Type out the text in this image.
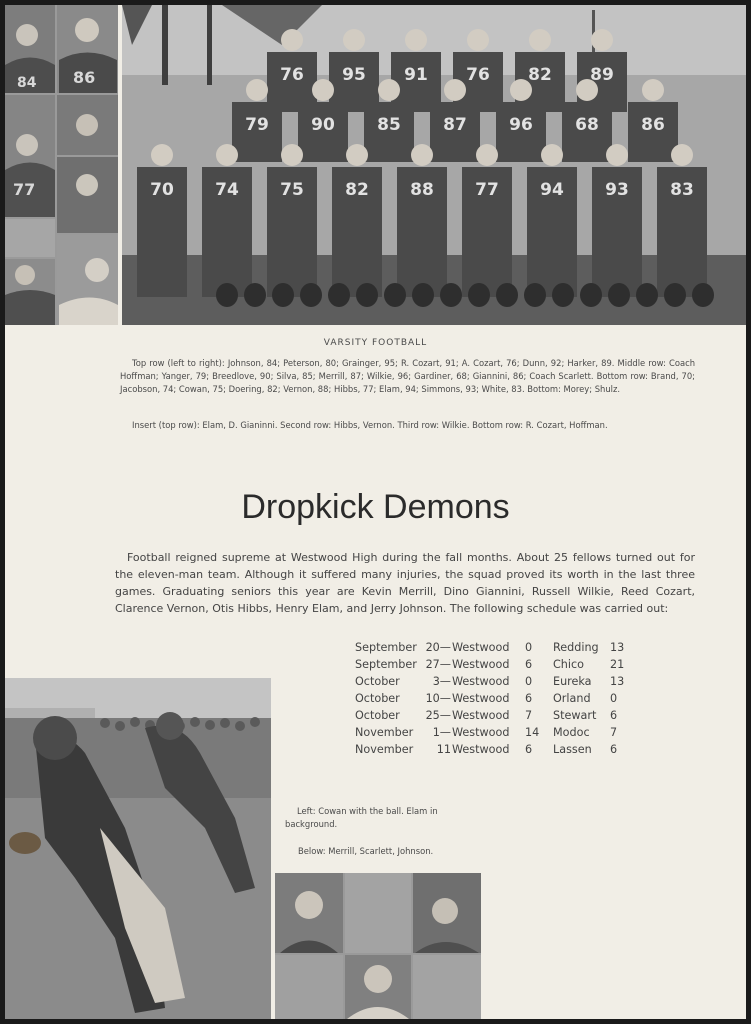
84 86
77
76 95 91 76 82 89
79 90 85 87 96 68 86
70 74 75 82 88 77 94 93 83
VARSITY FOOTBALL
Top row (left to right): Johnson, 84; Peterson, 80; Grainger, 95; R. Cozart, 91; A. Cozart, 76; Dunn, 92; Harker, 89. Middle row: Coach Hoffman; Yanger, 79; Breedlove, 90; Silva, 85; Merrill, 87; Wilkie, 96; Gardiner, 68; Giannini, 86; Coach Scarlett. Bottom row: Brand, 70; Jacobson, 74; Cowan, 75; Doering, 82; Vernon, 88; Hibbs, 77; Elam, 94; Simmons, 93; White, 83. Bottom: Morey; Shulz.
Insert (top row): Elam, D. Gianinni. Second row: Hibbs, Vernon. Third row: Wilkie. Bottom row: R. Cozart, Hoffman.
Dropkick Demons
Football reigned supreme at Westwood High during the fall months. About 25 fellows turned out for the eleven-man team. Although it suffered many injuries, the squad proved its worth in the last three games. Graduating seniors this year are Kevin Merrill, Dino Giannini, Russell Wilkie, Reed Cozart, Clarence Vernon, Otis Hibbs, Henry Elam, and Jerry Johnson. The following schedule was carried out:
September 20— Westwood 0 Redding 13
September 27— Westwood 6 Chico 21
October	3— Westwood 0 Eureka 13
October	10— Westwood 6 Orland 0
October	25— Westwood 7 Stewart 6
November	1— Westwood 14 Modoc 7
November	11 Westwood 6 Lassen 6
Left: Cowan with the ball. Elam in background.
Below: Merrill, Scarlett, Johnson.
